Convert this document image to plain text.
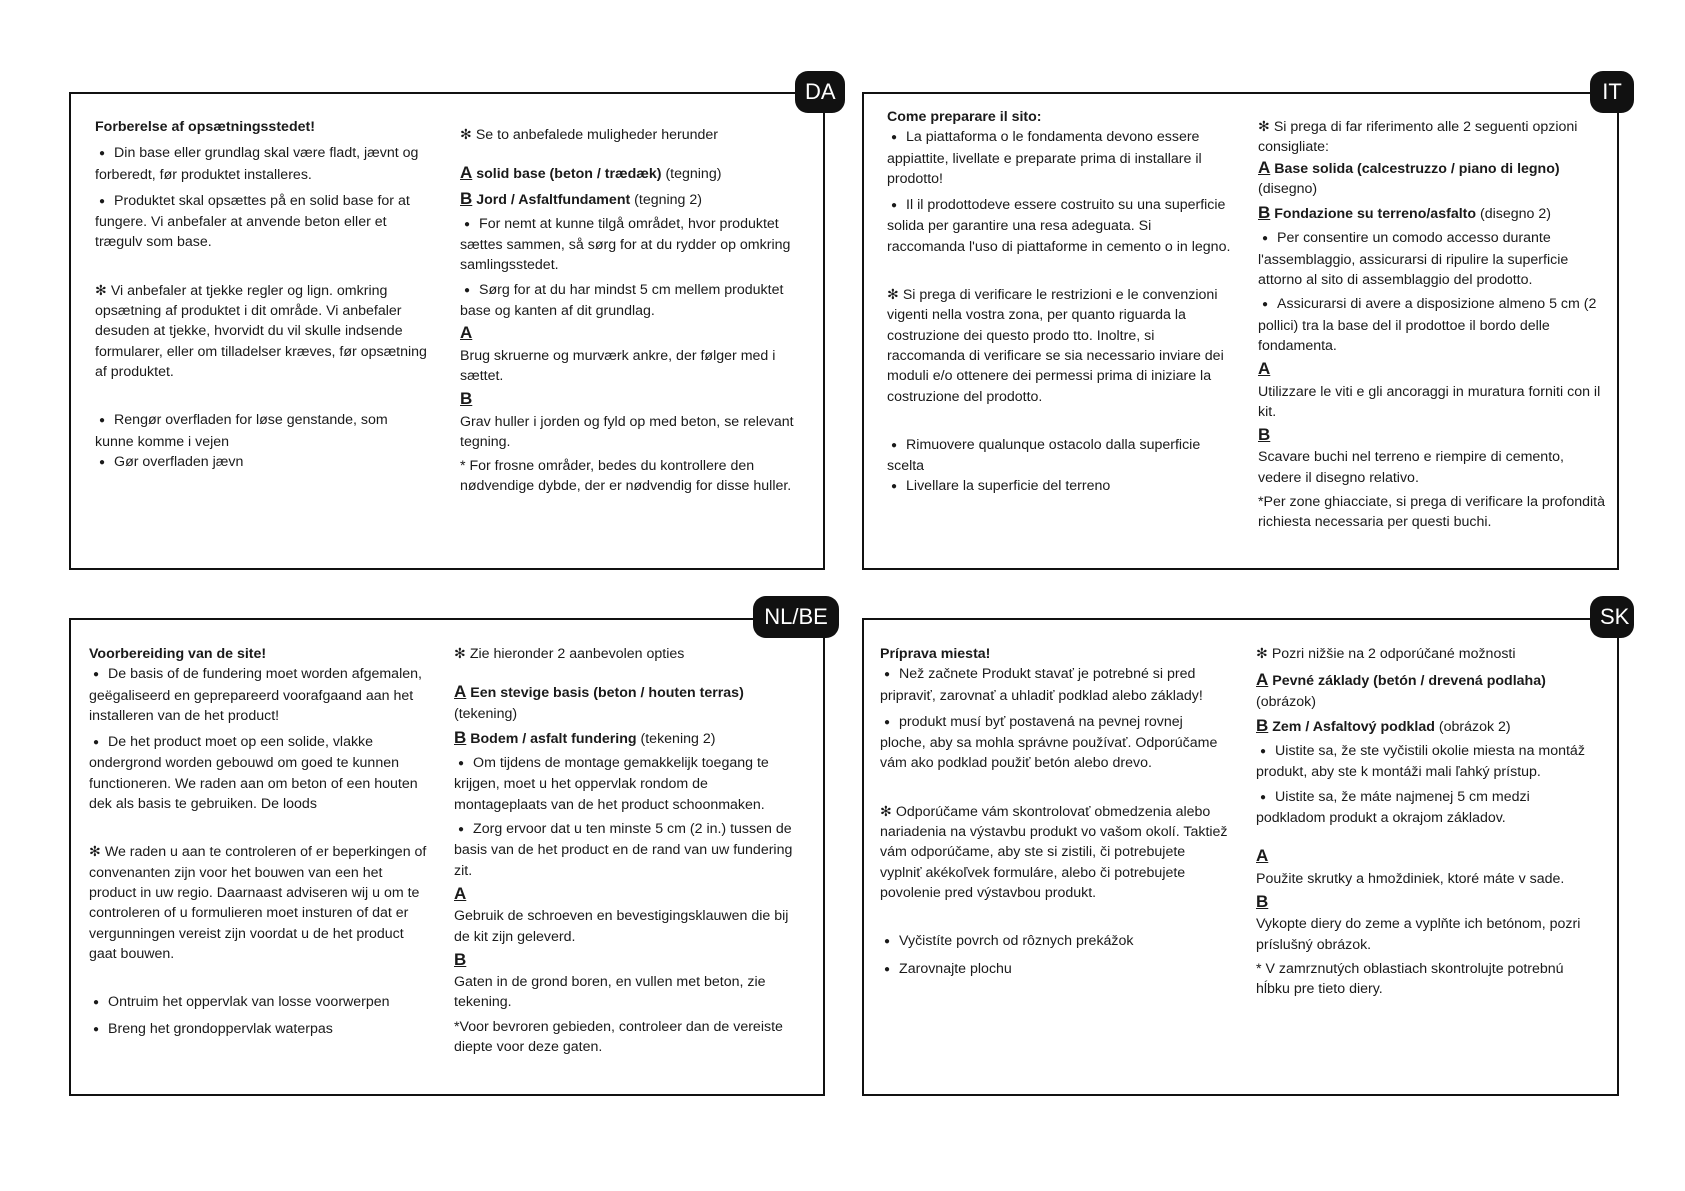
DA

Forberelse af opsætningsstedet!

● Din base eller grundlag skal være fladt, jævnt og forberedt, før produktet installeres.

● Produktet skal opsættes på en solid base for at fungere. Vi anbefaler at anvende beton eller et trægulv som base.

✻ Vi anbefaler at tjekke regler og lign. omkring opsætning af produktet i dit område. Vi anbefaler desuden at tjekke, hvorvidt du vil skulle indsende formularer, eller om tilladelser kræves, før opsætning af produktet.

● Rengør overfladen for løse genstande, som kunne komme i vejen

● Gør overfladen jævn

✻ Se to anbefalede muligheder herunder

A solid base (beton / trædæk) (tegning)

B Jord / Asfaltfundament (tegning 2)

● For nemt at kunne tilgå området, hvor produktet sættes sammen, så sørg for at du rydder op omkring samlingsstedet.

● Sørg for at du har mindst 5 cm mellem produktet base og kanten af dit grundlag.

A

Brug skruerne og murværk ankre, der følger med i sættet.

B

Grav huller i jorden og fyld op med beton, se relevant tegning.

* For frosne områder, bedes du kontrollere den nødvendige dybde, der er nødvendig for disse huller.

IT

Come preparare il sito:

● La piattaforma o le fondamenta devono essere appiattite, livellate e preparate prima di installare il prodotto!

● Il il prodottodeve essere costruito su una superficie solida per garantire una resa adeguata. Si raccomanda l'uso di piattaforme in cemento o in legno.

✻ Si prega di verificare le restrizioni e le convenzioni vigenti nella vostra zona, per quanto riguarda la costruzione dei questo prodo tto. Inoltre, si raccomanda di verificare se sia necessario inviare dei moduli e/o ottenere dei permessi prima di iniziare la costruzione del prodotto.

● Rimuovere qualunque ostacolo dalla superficie scelta

● Livellare la superficie del terreno

✻ Si prega di far riferimento alle 2 seguenti opzioni consigliate:

A Base solida (calcestruzzo / piano di legno) (disegno)

B Fondazione su terreno/asfalto (disegno 2)

● Per consentire un comodo accesso durante l'assemblaggio, assicurarsi di ripulire la superficie attorno al sito di assemblaggio del prodotto.

● Assicurarsi di avere a disposizione almeno 5 cm (2 pollici) tra la base del il prodottoe il bordo delle fondamenta.

A

Utilizzare le viti e gli ancoraggi in muratura forniti con il kit.

B

Scavare buchi nel terreno e riempire di cemento, vedere il disegno relativo.

*Per zone ghiacciate, si prega di verificare la profondità richiesta necessaria per questi buchi.

NL/BE

Voorbereiding van de site!

● De basis of de fundering moet worden afgemalen, geëgaliseerd en geprepareerd voorafgaand aan het installeren van de het product!

● De het product moet op een solide, vlakke ondergrond worden gebouwd om goed te kunnen functioneren. We raden aan om beton of een houten dek als basis te gebruiken. De loods

✻ We raden u aan te controleren of er beperkingen of convenanten zijn voor het bouwen van een het product in uw regio. Daarnaast adviseren wij u om te controleren of u formulieren moet insturen of dat er vergunningen vereist zijn voordat u de het product gaat bouwen.

● Ontruim het oppervlak van losse voorwerpen

● Breng het grondoppervlak waterpas

✻ Zie hieronder 2 aanbevolen opties

A Een stevige basis (beton / houten terras) (tekening)

B Bodem / asfalt fundering (tekening 2)

● Om tijdens de montage gemakkelijk toegang te krijgen, moet u het oppervlak rondom de montageplaats van de het product schoonmaken.

● Zorg ervoor dat u ten minste 5 cm (2 in.) tussen de basis van de het product en de rand van uw fundering zit.

A

Gebruik de schroeven en bevestigingsklauwen die bij de kit zijn geleverd.

B

Gaten in de grond boren, en vullen met beton, zie tekening.

*Voor bevroren gebieden, controleer dan de vereiste diepte voor deze gaten.

SK

Príprava miesta!

● Než začnete Produkt stavať je potrebné si pred pripraviť, zarovnať a uhladiť podklad alebo základy!

● produkt musí byť postavená na pevnej rovnej ploche, aby sa mohla správne používať. Odporúčame vám ako podklad použiť betón alebo drevo.

✻ Odporúčame vám skontrolovať obmedzenia alebo nariadenia na výstavbu produkt vo vašom okolí. Taktiež vám odporúčame, aby ste si zistili, či potrebujete vyplniť akékoľvek formuláre, alebo či potrebujete povolenie pred výstavbou produkt.

● Vyčistíte povrch od rôznych prekážok

● Zarovnajte plochu

✻ Pozri nižšie na 2 odporúčané možnosti

A Pevné základy (betón / drevená podlaha) (obrázok)

B Zem / Asfaltový podklad (obrázok 2)

● Uistite sa, že ste vyčistili okolie miesta na montáž produkt, aby ste k montáži mali ľahký prístup.

● Uistite sa, že máte najmenej 5 cm medzi podkladom produkt a okrajom základov.

A

Použite skrutky a hmoždiniek, ktoré máte v sade.

B

Vykopte diery do zeme a vyplňte ich betónom, pozri príslušný obrázok.

* V zamrznutých oblastiach skontrolujte potrebnú hĺbku pre tieto diery.
